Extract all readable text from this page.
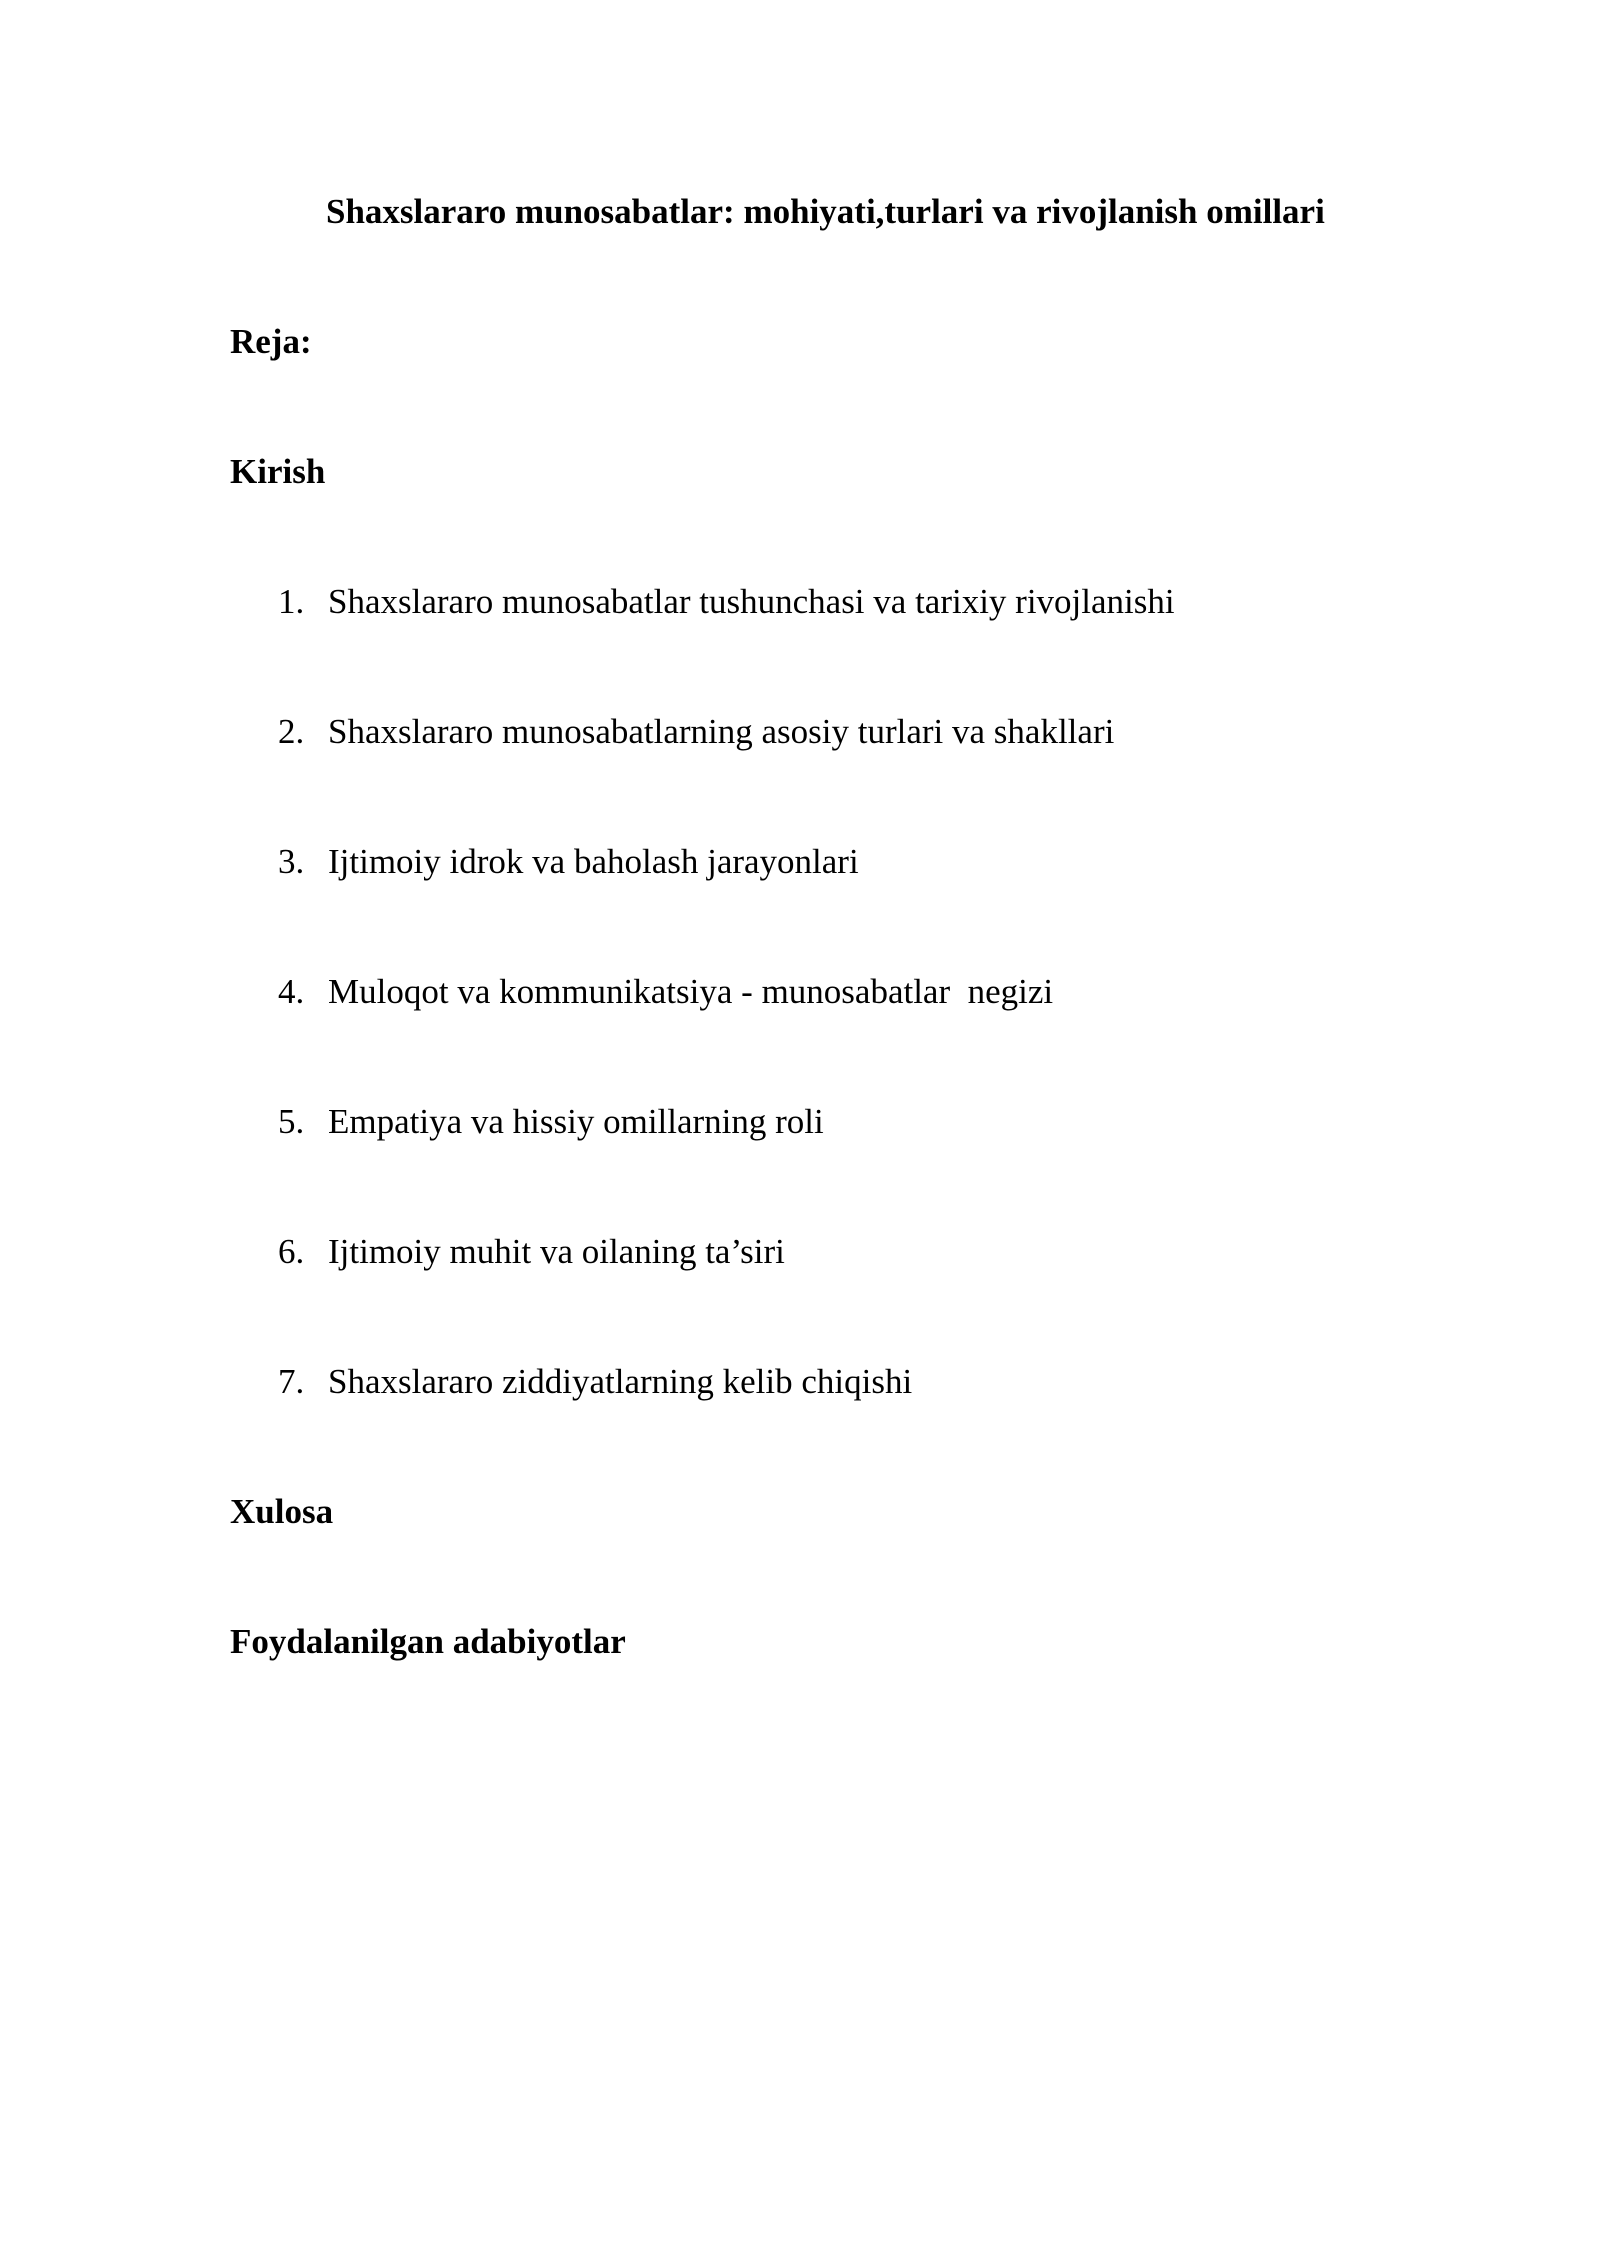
Shaxslararo munosabatlar: mohiyati,turlari va rivojlanish omillari
Reja:
Kirish
1. Shaxslararo munosabatlar tushunchasi va tarixiy rivojlanishi
2. Shaxslararo munosabatlarning asosiy turlari va shakllari
3. Ijtimoiy idrok va baholash jarayonlari
4. Muloqot va kommunikatsiya - munosabatlar  negizi
5. Empatiya va hissiy omillarning roli
6. Ijtimoiy muhit va oilaning ta’siri
7. Shaxslararo ziddiyatlarning kelib chiqishi
Xulosa
Foydalanilgan adabiyotlar
